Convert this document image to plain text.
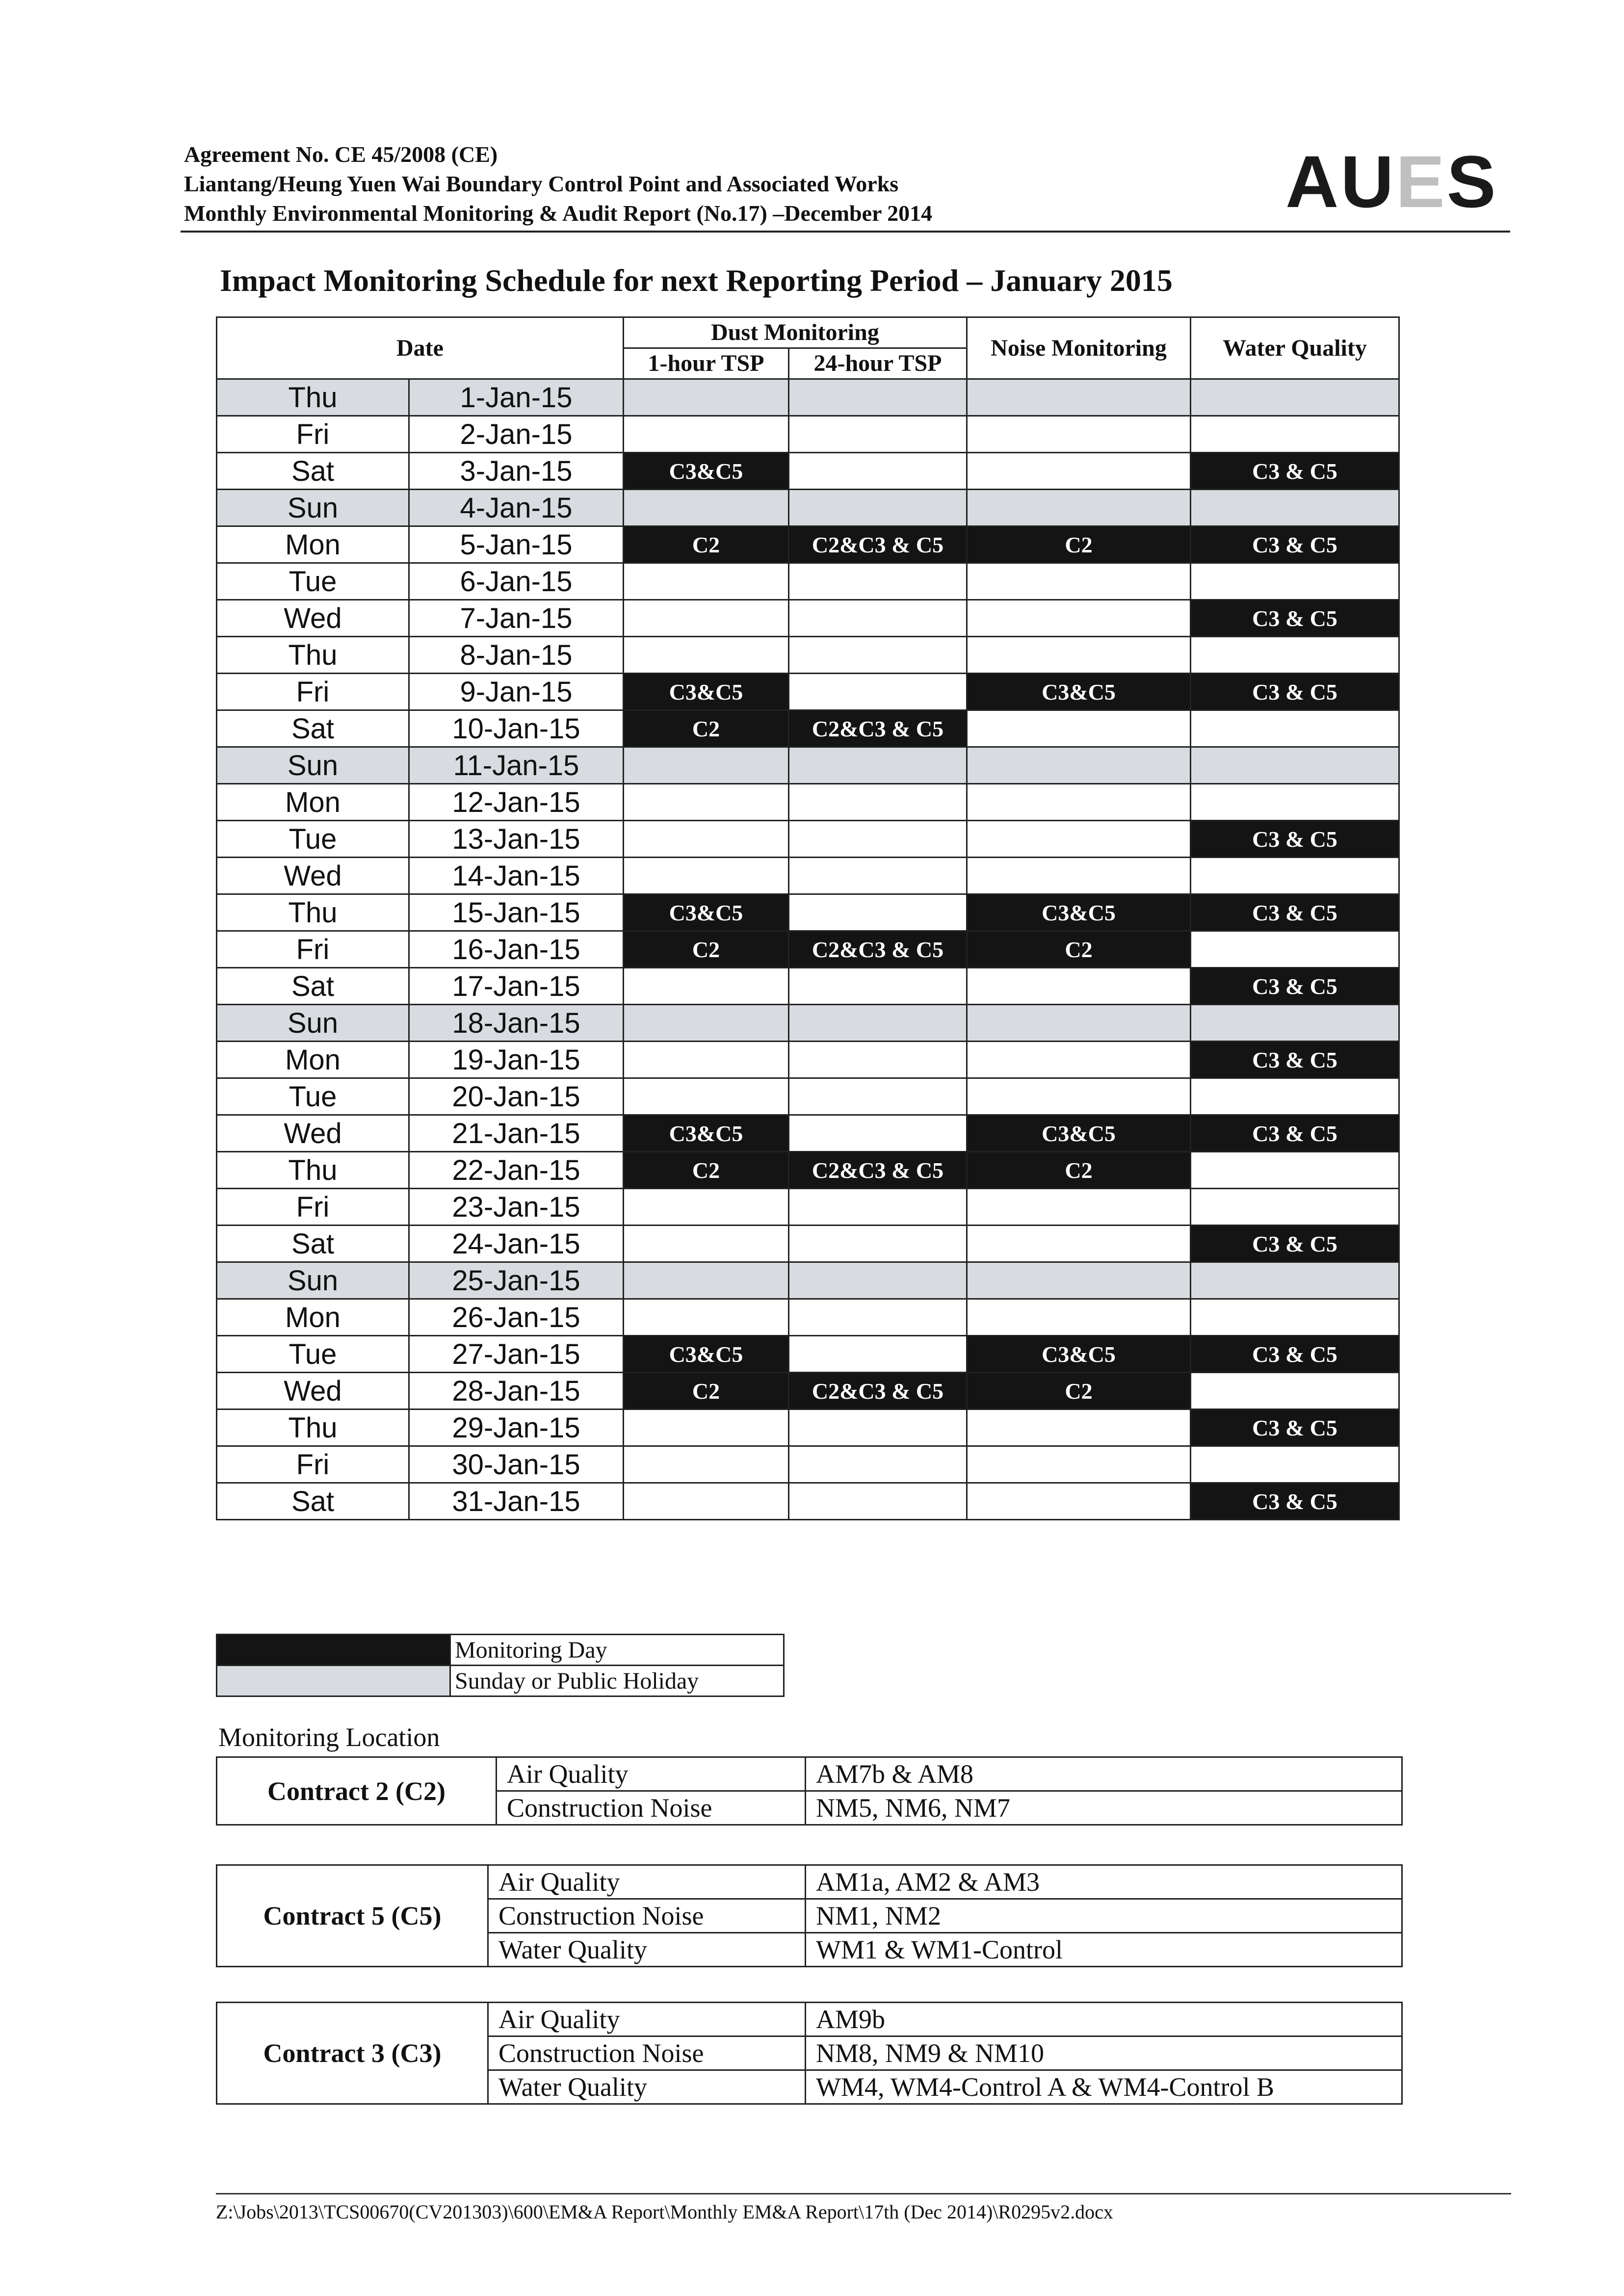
Agreement No. CE 45/2008 (CE)
Liantang/Heung Yuen Wai Boundary Control Point and Associated Works
Monthly Environmental Monitoring & Audit Report (No.17) –December 2014	AUES
Impact Monitoring Schedule for next Reporting Period – January 2015
Date		Dust Monitoring		Noise Monitoring	Water Quality
		1-hour TSP	24-hour TSP		
Thu	1-Jan-15				
Fri	2-Jan-15				
Sat	3-Jan-15	C3&C5			C3 & C5
Sun	4-Jan-15				
Mon	5-Jan-15	C2	C2&C3 & C5	C2	C3 & C5
Tue	6-Jan-15				
Wed	7-Jan-15				C3 & C5
Thu	8-Jan-15				
Fri	9-Jan-15	C3&C5		C3&C5	C3 & C5
Sat	10-Jan-15	C2	C2&C3 & C5		
Sun	11-Jan-15				
Mon	12-Jan-15				
Tue	13-Jan-15				C3 & C5
Wed	14-Jan-15				
Thu	15-Jan-15	C3&C5		C3&C5	C3 & C5
Fri	16-Jan-15	C2	C2&C3 & C5	C2	
Sat	17-Jan-15				C3 & C5
Sun	18-Jan-15				
Mon	19-Jan-15				C3 & C5
Tue	20-Jan-15				
Wed	21-Jan-15	C3&C5		C3&C5	C3 & C5
Thu	22-Jan-15	C2	C2&C3 & C5	C2	
Fri	23-Jan-15				
Sat	24-Jan-15				C3 & C5
Sun	25-Jan-15				
Mon	26-Jan-15				
Tue	27-Jan-15	C3&C5		C3&C5	C3 & C5
Wed	28-Jan-15	C2	C2&C3 & C5	C2	
Thu	29-Jan-15				C3 & C5
Fri	30-Jan-15				
Sat	31-Jan-15				C3 & C5
	Monitoring Day
	Sunday or Public Holiday
Monitoring Location
Contract 2 (C2)	Air Quality	AM7b & AM8
	Construction Noise	NM5, NM6, NM7
Contract 5 (C5)	Air Quality	AM1a, AM2 & AM3
	Construction Noise	NM1, NM2
	Water Quality	WM1 & WM1-Control
Contract 3 (C3)	Air Quality	AM9b
	Construction Noise	NM8, NM9 & NM10
	Water Quality	WM4, WM4-Control A & WM4-Control B
Z:\Jobs\2013\TCS00670(CV201303)\600\EM&A Report\Monthly EM&A Report\17th (Dec 2014)\R0295v2.docx
